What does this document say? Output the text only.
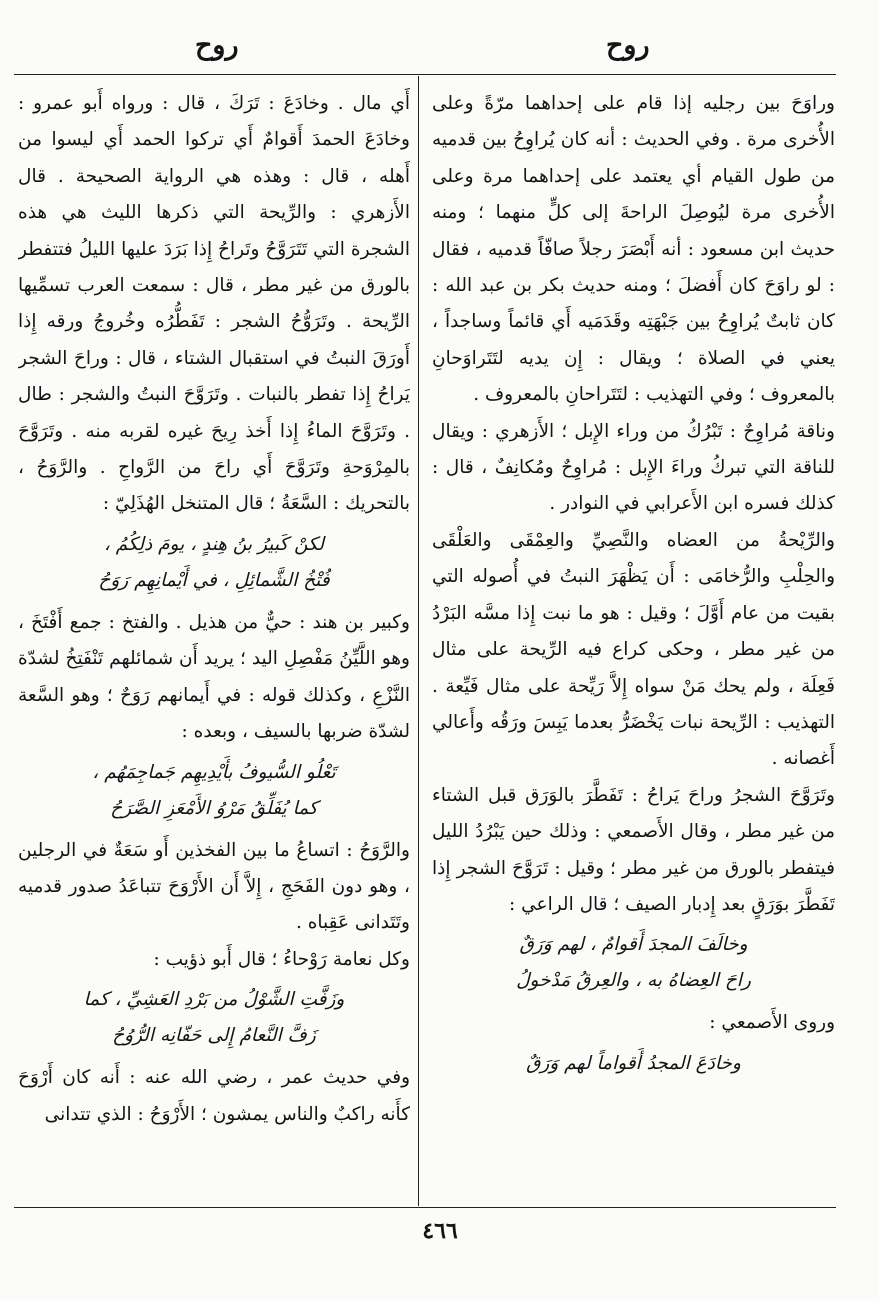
روح
روح

وراوَحَ بين رجليه إذا قام على إحداهما مرّةً وعلى الأُخرى مرة . وفي الحديث : أنه كان يُراوِحُ بين قدميه من طول القيام أي يعتمد على إحداهما مرة وعلى الأُخرى مرة ليُوصِلَ الراحةَ إلى كلٍّ منهما ؛ ومنه حديث ابن مسعود : أنه أَبْصَرَ رجلاً صافّاً قدميه ، فقال : لو راوَحَ كان أَفضلَ ؛ ومنه حديث بكر بن عبد الله : كان ثابتٌ يُراوِحُ بين جَبْهَتِه وقَدَمَيه أَي قائماً وساجداً ، يعني في الصلاة ؛ ويقال : إِن يديه لتَتَراوَحانِ بالمعروف ؛ وفي التهذيب : لتَتَراحانِ بالمعروف .

وناقة مُراوِحٌ : تَبْرُكُ من وراء الإِبل ؛ الأَزهري : ويقال للناقة التي تبركُ وراءَ الإِبل : مُراوِحٌ ومُكانِفٌ ، قال : كذلك فسره ابن الأَعرابي في النوادر .

والرِّيْحةُ من العضاه والنَّصِيِّ والعِمْقَى والعَلْقَى والحِلْبِ والرُّخامَى : أَن يَظْهَرَ النبتُ في أُصوله التي بقيت من عام أَوَّلَ ؛ وقيل : هو ما نبت إِذا مسَّه البَرْدُ من غير مطر ، وحكى كراع فيه الرِّيحة على مثال فَعِلَة ، ولم يحك مَنْ سواه إِلاَّ رَيِّحة على مثال فَيِّعة . التهذيب : الرِّيحة نبات يَخْضَرُّ بعدما يَبِسَ ورَقُه وأَعالي أَغصانه .

وتَرَوَّحَ الشجرُ وراحَ يَراحُ : تَفَطَّرَ بالوَرَق قبل الشتاء من غير مطر ، وقال الأَصمعي : وذلك حين يَبْرُدُ الليل فيتفطر بالورق من غير مطر ؛ وقيل : تَرَوَّحَ الشجر إِذا تَفَطَّرَ بوَرَقٍ بعد إِدبار الصيف ؛ قال الراعي :

وخالَفَ المجدَ أَقوامٌ ، لهم وَرَقٌ
راحَ العِضاهُ به ، والعِرقُ مَدْخولُ

وروى الأَصمعي :

وخادَعَ المجدُ أَقواماً لهم وَرَقٌ

أَي مال . وخادَعَ : تَرَكَ ، قال : ورواه أَبو عمرو : وخادَعَ الحمدَ أَقوامٌ أَي تركوا الحمد أَي ليسوا من أَهله ، قال : وهذه هي الرواية الصحيحة . قال الأَزهري : والرِّيحة التي ذكرها الليث هي هذه الشجرة التي تَتَرَوَّحُ وتَراحُ إِذا بَرَدَ عليها الليلُ فتتفطر بالورق من غير مطر ، قال : سمعت العرب تسمِّيها الرِّيحة . وتَرَوُّحُ الشجر : تَفَطُّرُه وخُروجُ ورقه إِذا أَورَقَ النبتُ في استقبال الشتاء ، قال : وراحَ الشجر يَراحُ إِذا تفطر بالنبات . وتَرَوَّحَ النبتُ والشجر : طال . وتَرَوَّحَ الماءُ إِذا أَخذ رِيحَ غيره لقربه منه . وتَرَوَّحَ بالمِرْوَحةِ وتَرَوَّحَ أَي راحَ من الرَّواحِ . والرَّوَحُ ، بالتحريك : السَّعَةُ ؛ قال المتنخل الهُذَلِيّ :

لكنْ كَبيرُ بنُ هِندٍ ، يومَ ذلِكُمُ ،
فُتْخُ الشَّمائِلِ ، في أَيْمانِهِم رَوَحُ

وكبير بن هند : حيٌّ من هذيل . والفتخ : جمع أَفْتَخَ ، وهو اللَّيِّنُ مَفْصِلِ اليد ؛ يريد أَن شمائلهم تَنْفَتِخُ لشدّة النَّزْعِ ، وكذلك قوله : في أَيمانهم رَوَحٌ ؛ وهو السَّعة لشدّة ضربها بالسيف ، وبعده :

تَعْلُو السُّيوفُ بأَيْدِيهِم جَماجِمَهُم ،
كما يُفَلِّقُ مَرْوُ الأَمْعَزِ الصَّرَحُ

والرَّوَحُ : اتساعُ ما بين الفخذين أَو سَعَةٌ في الرجلين ، وهو دون الفَحَجِ ، إِلاَّ أَن الأَرْوَحَ تتباعَدُ صدور قدميه وتَتَدانى عَقِباه .

وكل نعامة رَوْحاءُ ؛ قال أَبو ذؤيب :

وزَفَّتِ الشَّوْلُ من بَرْدِ العَشِيِّ ، كما
زَفَّ النَّعامُ إِلى حَفّانِه الرُّوُحُ

وفي حديث عمر ، رضي الله عنه : أَنه كان أَرْوَحَ كأَنه راكبٌ والناس يمشون ؛ الأَرْوَحُ : الذي تتدانى

٤٦٦
